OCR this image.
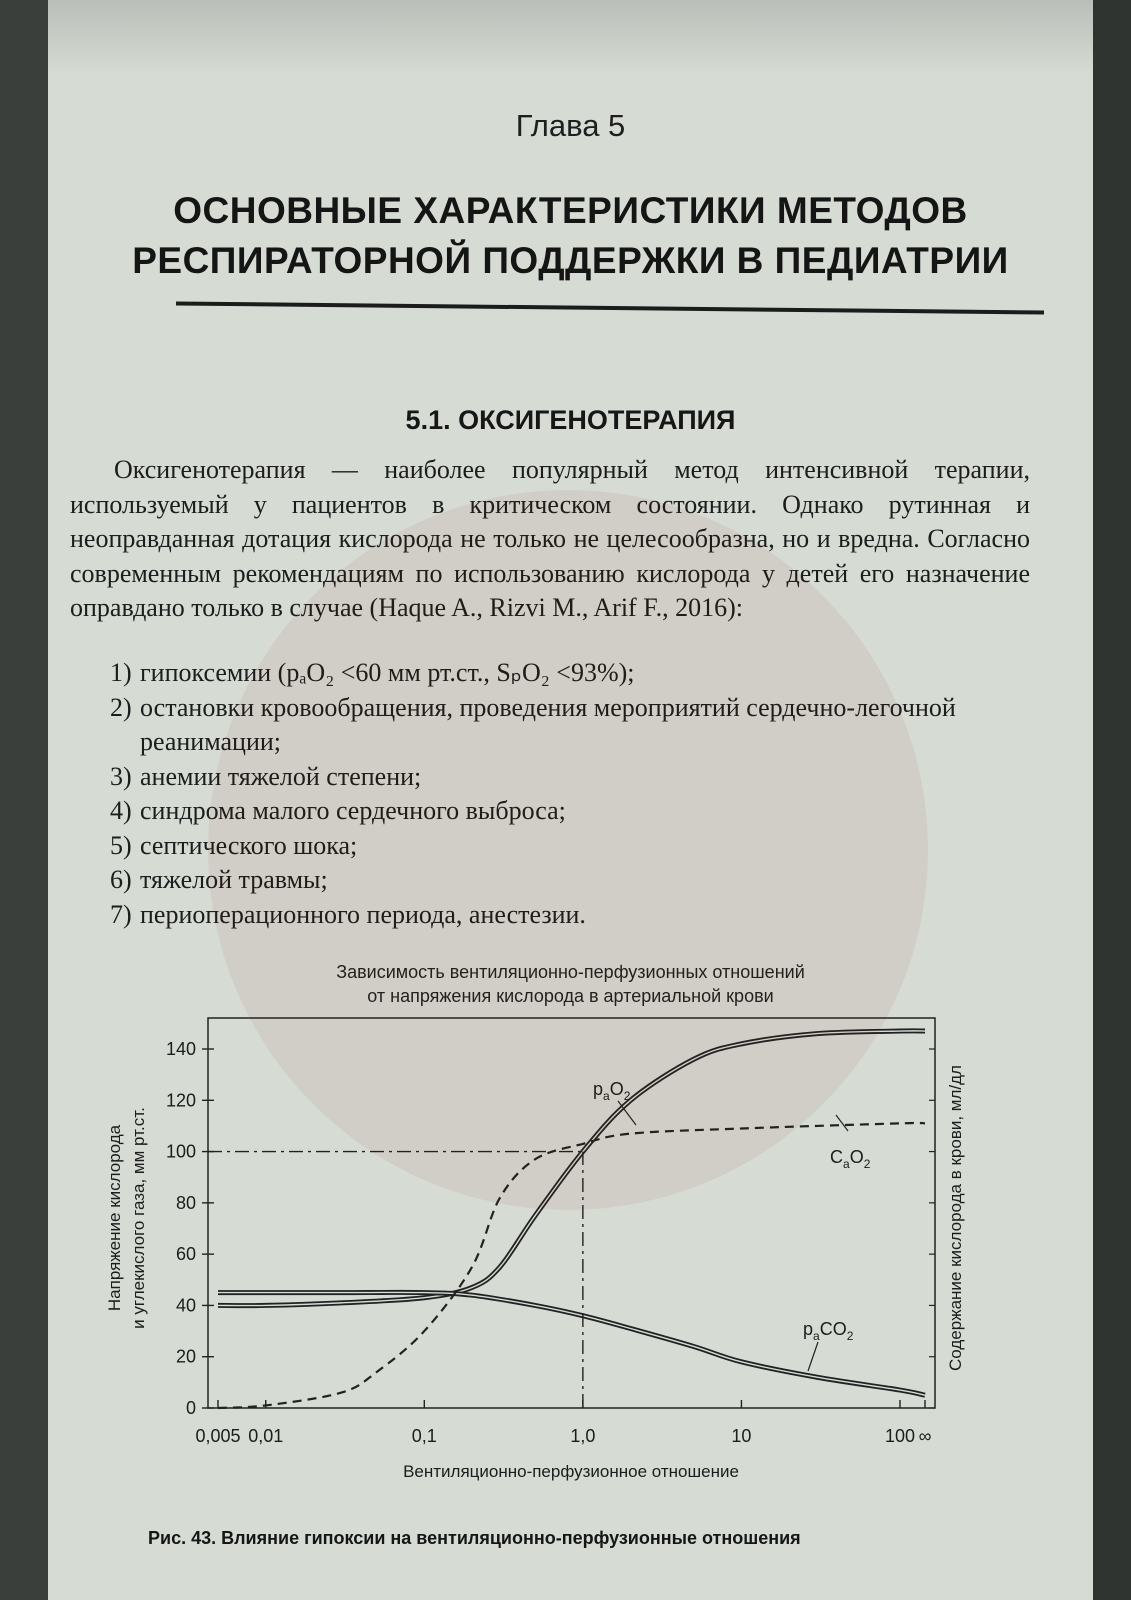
Глава 5
ОСНОВНЫЕ ХАРАКТЕРИСТИКИ МЕТОДОВ
РЕСПИРАТОРНОЙ ПОДДЕРЖКИ В ПЕДИАТРИИ
5.1. ОКСИГЕНОТЕРАПИЯ

Оксигенотерапия — наиболее популярный метод интенсивной терапии, используемый у пациентов в критическом состоянии. Однако рутинная и неоправданная дотация кислорода не только не целесообразна, но и вредна. Согласно современным рекомендациям по использованию кислорода у детей его назначение оправдано только в случае (Haque A., Rizvi M., Arif F., 2016):

1) гипоксемии (pₐO₂ <60 мм рт.ст., SₚO₂ <93%);
2) остановки кровообращения, проведения мероприятий сердечно-легочной реанимации;
3) анемии тяжелой степени;
4) синдрома малого сердечного выброса;
5) септического шока;
6) тяжелой травмы;
7) периоперационного периода, анестезии.
Зависимость вентиляционно-перфузионных отношений
от напряжения кислорода в артериальной крови
0
20
40
60
80
100
120
140
0,005 0,01	0,1	1,0	10	100 ∞
$p_aO_2$
$p_aCO_2$
$C_aO_2$
Напряжение кислорода и углекислого газа, мм рт.ст.	Содержание кислорода в крови, мл/дл
Вентиляционно-перфузионное отношение
Рис. 43. Влияние гипоксии на вентиляционно-перфузионные отношения
